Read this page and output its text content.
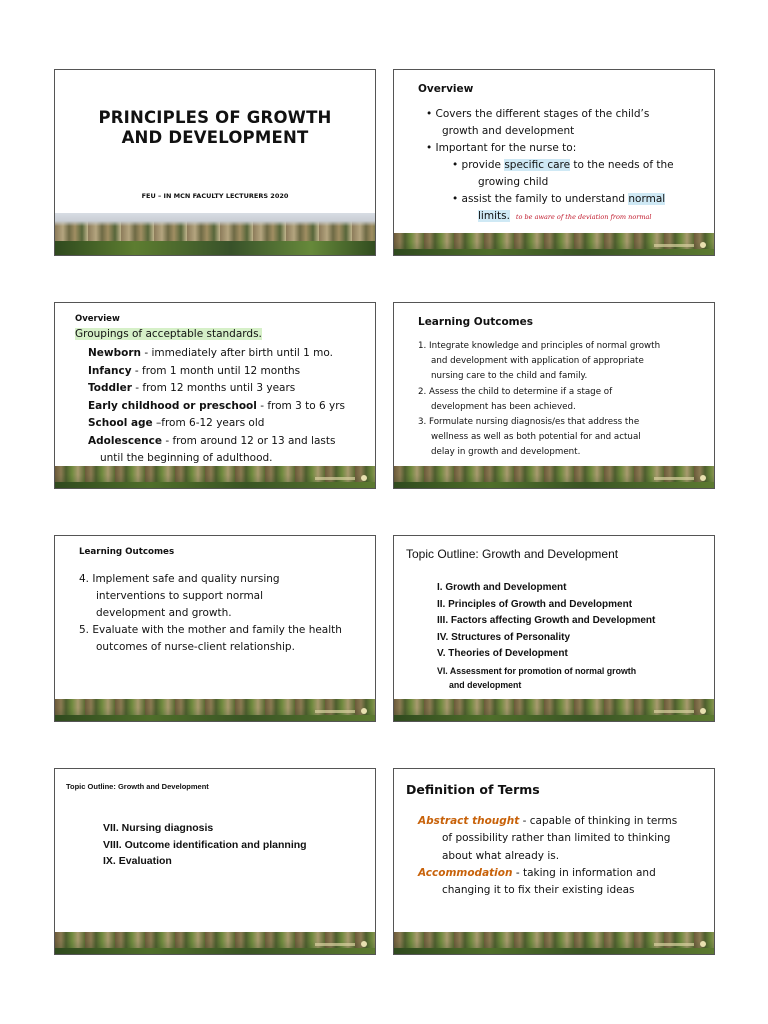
PRINCIPLES OF GROWTH
AND DEVELOPMENT
FEU – IN MCN FACULTY LECTURERS 2020
Overview
• Covers the different stages of the child’s
growth and development
• Important for the nurse to:
• provide specific care to the needs of the
growing child
• assist the family to understand normal
limits. to be aware of the deviation from normal
Overview
Groupings of acceptable standards.
Newborn - immediately after birth until 1 mo.
Infancy - from 1 month until 12 months
Toddler - from 12 months until 3 years
Early childhood or preschool - from 3 to 6 yrs
School age –from 6-12 years old
Adolescence - from around 12 or 13 and lasts
until the beginning of adulthood.
Learning Outcomes
1. Integrate knowledge and principles of normal growth
and development with application of appropriate
nursing care to the child and family.
2. Assess the child to determine if a stage of
development has been achieved.
3. Formulate nursing diagnosis/es that address the
wellness as well as both potential for and actual
delay in growth and development.
Learning Outcomes
4. Implement safe and quality nursing
interventions to support normal
development and growth.
5. Evaluate with the mother and family the health
outcomes of nurse-client relationship.
Topic Outline: Growth and Development
I. Growth and Development
II. Principles of Growth and Development
III. Factors affecting Growth and Development
IV. Structures of Personality
V. Theories of Development
VI. Assessment for promotion of normal growth
and development
Topic Outline: Growth and Development
VII. Nursing diagnosis
VIII. Outcome identification and planning
IX. Evaluation
Definition of Terms
Abstract thought - capable of thinking in terms
of possibility rather than limited to thinking
about what already is.
Accommodation - taking in information and
changing it to fix their existing ideas
